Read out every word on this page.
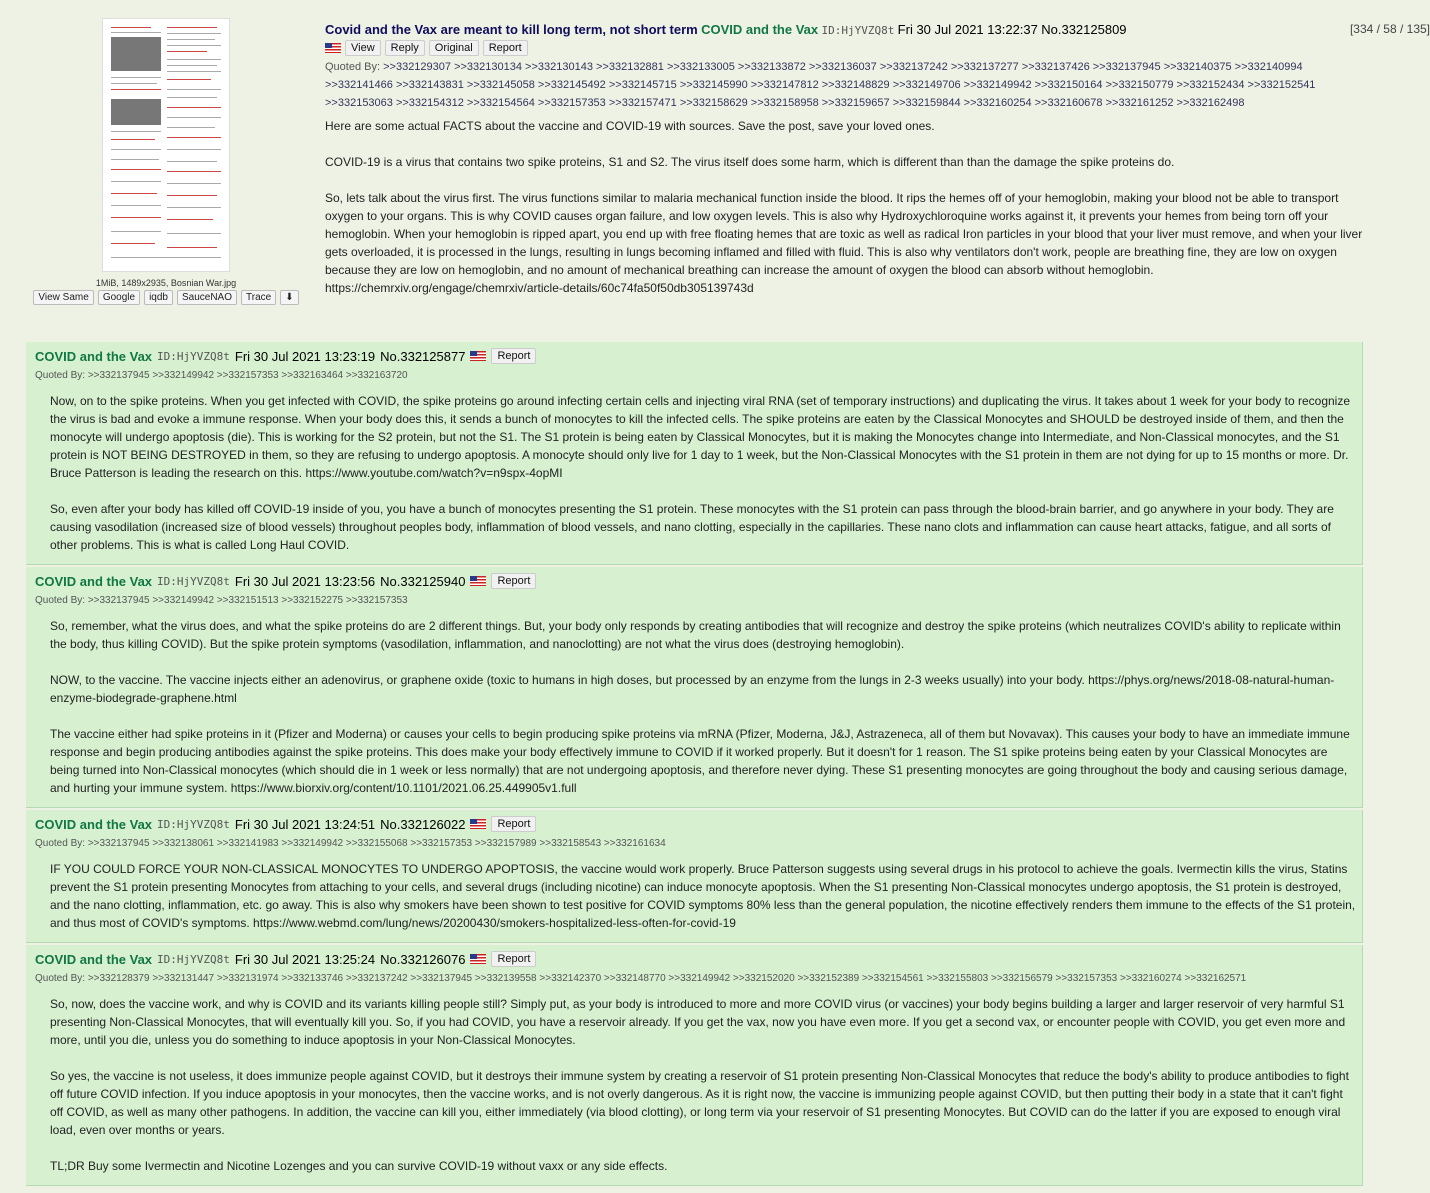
1MiB, 1489x2935, Bosnian War.jpg
View Same	Google	iqdb	SauceNAO	Trace	⬇
Covid and the Vax are meant to kill long term, not short term COVID and the Vax ID:HjYVZQ8t Fri 30 Jul 2021 13:22:37 No.332125809	[334 / 58 / 135]
View	Reply	Original	Report
Quoted By: >>332129307 >>332130134 >>332130143 >>332132881 >>332133005 >>332133872 >>332136037 >>332137242 >>332137277 >>332137426 >>332137945 >>332140375 >>332140994 >>332141466 >>332143831 >>332145058 >>332145492 >>332145715 >>332145990 >>332147812 >>332148829 >>332149706 >>332149942 >>332150164 >>332150779 >>332152434 >>332152541 >>332153063 >>332154312 >>332154564 >>332157353 >>332157471 >>332158629 >>332158958 >>332159657 >>332159844 >>332160254 >>332160678 >>332161252 >>332162498

Here are some actual FACTS about the vaccine and COVID-19 with sources. Save the post, save your loved ones.

COVID-19 is a virus that contains two spike proteins, S1 and S2. The virus itself does some harm, which is different than than the damage the spike proteins do.

So, lets talk about the virus first. The virus functions similar to malaria mechanical function inside the blood. It rips the hemes off of your hemoglobin, making your blood not be able to transport oxygen to your organs. This is why COVID causes organ failure, and low oxygen levels. This is also why Hydroxychloroquine works against it, it prevents your hemes from being torn off your hemoglobin. When your hemoglobin is ripped apart, you end up with free floating hemes that are toxic as well as radical Iron particles in your blood that your liver must remove, and when your liver gets overloaded, it is processed in the lungs, resulting in lungs becoming inflamed and filled with fluid. This is also why ventilators don't work, people are breathing fine, they are low on oxygen because they are low on hemoglobin, and no amount of mechanical breathing can increase the amount of oxygen the blood can absorb without hemoglobin. https://chemrxiv.org/engage/chemrxiv/article-details/60c74fa50f50db305139743d

COVID and the Vax ID:HjYVZQ8t Fri 30 Jul 2021 13:23:19 No.332125877	Report
Quoted By: >>332137945 >>332149942 >>332157353 >>332163464 >>332163720

Now, on to the spike proteins. When you get infected with COVID, the spike proteins go around infecting certain cells and injecting viral RNA (set of temporary instructions) and duplicating the virus. It takes about 1 week for your body to recognize the virus is bad and evoke a immune response. When your body does this, it sends a bunch of monocytes to kill the infected cells. The spike proteins are eaten by the Classical Monocytes and SHOULD be destroyed inside of them, and then the monocyte will undergo apoptosis (die). This is working for the S2 protein, but not the S1. The S1 protein is being eaten by Classical Monocytes, but it is making the Monocytes change into Intermediate, and Non-Classical monocytes, and the S1 protein is NOT BEING DESTROYED in them, so they are refusing to undergo apoptosis. A monocyte should only live for 1 day to 1 week, but the Non-Classical Monocytes with the S1 protein in them are not dying for up to 15 months or more. Dr. Bruce Patterson is leading the research on this. https://www.youtube.com/watch?v=n9spx-4opMI

So, even after your body has killed off COVID-19 inside of you, you have a bunch of monocytes presenting the S1 protein. These monocytes with the S1 protein can pass through the blood-brain barrier, and go anywhere in your body. They are causing vasodilation (increased size of blood vessels) throughout peoples body, inflammation of blood vessels, and nano clotting, especially in the capillaries. These nano clots and inflammation can cause heart attacks, fatigue, and all sorts of other problems. This is what is called Long Haul COVID.

COVID and the Vax ID:HjYVZQ8t Fri 30 Jul 2021 13:23:56 No.332125940	Report
Quoted By: >>332137945 >>332149942 >>332151513 >>332152275 >>332157353

So, remember, what the virus does, and what the spike proteins do are 2 different things. But, your body only responds by creating antibodies that will recognize and destroy the spike proteins (which neutralizes COVID's ability to replicate within the body, thus killing COVID). But the spike protein symptoms (vasodilation, inflammation, and nanoclotting) are not what the virus does (destroying hemoglobin).

NOW, to the vaccine. The vaccine injects either an adenovirus, or graphene oxide (toxic to humans in high doses, but processed by an enzyme from the lungs in 2-3 weeks usually) into your body. https://phys.org/news/2018-08-natural-human-enzyme-biodegrade-graphene.html

The vaccine either had spike proteins in it (Pfizer and Moderna) or causes your cells to begin producing spike proteins via mRNA (Pfizer, Moderna, J&J, Astrazeneca, all of them but Novavax). This causes your body to have an immediate immune response and begin producing antibodies against the spike proteins. This does make your body effectively immune to COVID if it worked properly. But it doesn't for 1 reason. The S1 spike proteins being eaten by your Classical Monocytes are being turned into Non-Classical monocytes (which should die in 1 week or less normally) that are not undergoing apoptosis, and therefore never dying. These S1 presenting monocytes are going throughout the body and causing serious damage, and hurting your immune system. https://www.biorxiv.org/content/10.1101/2021.06.25.449905v1.full

COVID and the Vax ID:HjYVZQ8t Fri 30 Jul 2021 13:24:51 No.332126022	Report
Quoted By: >>332137945 >>332138061 >>332141983 >>332149942 >>332155068 >>332157353 >>332157989 >>332158543 >>332161634

IF YOU COULD FORCE YOUR NON-CLASSICAL MONOCYTES TO UNDERGO APOPTOSIS, the vaccine would work properly. Bruce Patterson suggests using several drugs in his protocol to achieve the goals. Ivermectin kills the virus, Statins prevent the S1 protein presenting Monocytes from attaching to your cells, and several drugs (including nicotine) can induce monocyte apoptosis. When the S1 presenting Non-Classical monocytes undergo apoptosis, the S1 protein is destroyed, and the nano clotting, inflammation, etc. go away. This is also why smokers have been shown to test positive for COVID symptoms 80% less than the general population, the nicotine effectively renders them immune to the effects of the S1 protein, and thus most of COVID's symptoms. https://www.webmd.com/lung/news/20200430/smokers-hospitalized-less-often-for-covid-19

COVID and the Vax ID:HjYVZQ8t Fri 30 Jul 2021 13:25:24 No.332126076	Report
Quoted By: >>332128379 >>332131447 >>332131974 >>332133746 >>332137242 >>332137945 >>332139558 >>332142370 >>332148770 >>332149942 >>332152020 >>332152389 >>332154561 >>332155803 >>332156579 >>332157353 >>332160274 >>332162571

So, now, does the vaccine work, and why is COVID and its variants killing people still? Simply put, as your body is introduced to more and more COVID virus (or vaccines) your body begins building a larger and larger reservoir of very harmful S1 presenting Non-Classical Monocytes, that will eventually kill you. So, if you had COVID, you have a reservoir already. If you get the vax, now you have even more. If you get a second vax, or encounter people with COVID, you get even more and more, until you die, unless you do something to induce apoptosis in your Non-Classical Monocytes.

So yes, the vaccine is not useless, it does immunize people against COVID, but it destroys their immune system by creating a reservoir of S1 protein presenting Non-Classical Monocytes that reduce the body's ability to produce antibodies to fight off future COVID infection. If you induce apoptosis in your monocytes, then the vaccine works, and is not overly dangerous. As it is right now, the vaccine is immunizing people against COVID, but then putting their body in a state that it can't fight off COVID, as well as many other pathogens. In addition, the vaccine can kill you, either immediately (via blood clotting), or long term via your reservoir of S1 presenting Monocytes. But COVID can do the latter if you are exposed to enough viral load, even over months or years.

TL;DR Buy some Ivermectin and Nicotine Lozenges and you can survive COVID-19 without vaxx or any side effects.
